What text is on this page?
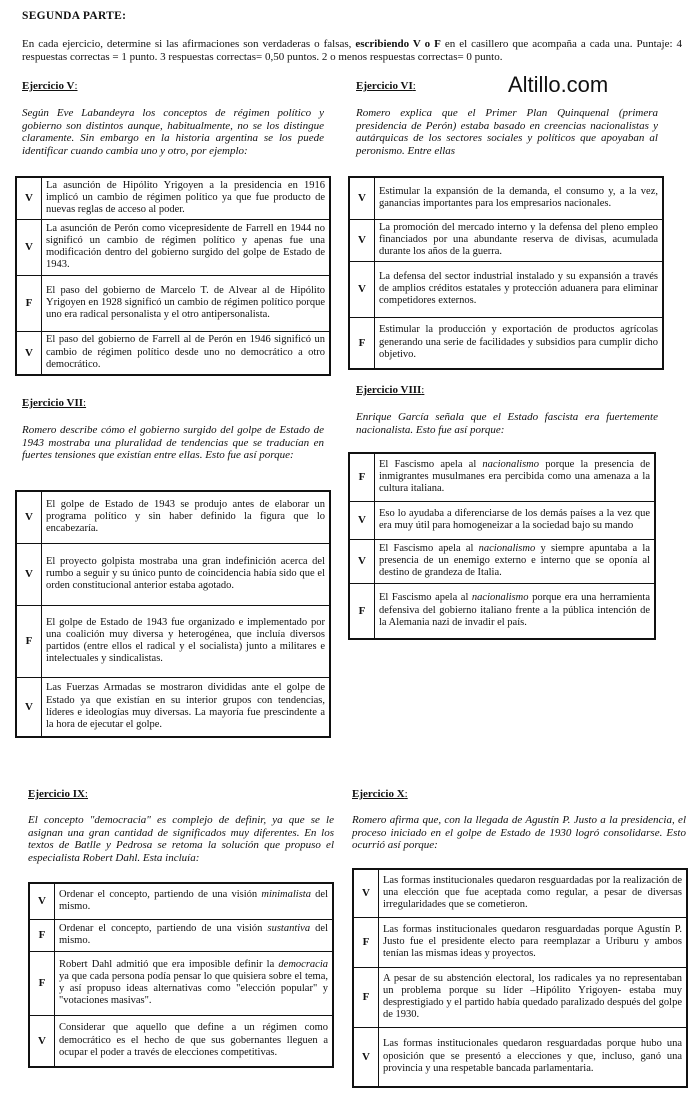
SEGUNDA PARTE:
En cada ejercicio, determine si las afirmaciones son verdaderas o falsas, escribiendo V o F en el casillero que acompaña a cada una. Puntaje: 4 respuestas correctas = 1 punto. 3 respuestas correctas= 0,50 puntos. 2 o menos respuestas correctas= 0 punto.
Altillo.com
Ejercicio V:
Según Eve Labandeyra los conceptos de régimen político y gobierno son distintos aunque, habitualmente, no se los distingue claramente. Sin embargo en la historia argentina se los puede identificar cuando cambia uno y otro, por ejemplo:
V	La asunción de Hipólito Yrigoyen a la presidencia en 1916 implicó un cambio de régimen político ya que fue producto de nuevas reglas de acceso al poder.
V	La asunción de Perón como vicepresidente de Farrell en 1944 no significó un cambio de régimen político y apenas fue una modificación dentro del gobierno surgido del golpe de Estado de 1943.
F	El paso del gobierno de Marcelo T. de Alvear al de Hipólito Yrigoyen en 1928 significó un cambio de régimen político porque uno era radical personalista y el otro antipersonalista.
V	El paso del gobierno de Farrell al de Perón en 1946 significó un cambio de régimen político desde uno no democrático a otro democrático.
Ejercicio VI:
Romero explica que el Primer Plan Quinquenal (primera presidencia de Perón) estaba basado en creencias nacionalistas y autárquicas de los sectores sociales y políticos que apoyaban al peronismo. Entre ellas
V	Estimular la expansión de la demanda, el consumo y, a la vez, ganancias importantes para los empresarios nacionales.
V	La promoción del mercado interno y la defensa del pleno empleo financiados por una abundante reserva de divisas, acumulada durante los años de la guerra.
V	La defensa del sector industrial instalado y su expansión a través de amplios créditos estatales y protección aduanera para eliminar competidores externos.
F	Estimular la producción y exportación de productos agrícolas generando una serie de facilidades y subsidios para cumplir dicho objetivo.
Ejercicio VII:
Romero describe cómo el gobierno surgido del golpe de Estado de 1943 mostraba una pluralidad de tendencias que se traducían en fuertes tensiones que existían entre ellas. Esto fue así porque:
V	El golpe de Estado de 1943 se produjo antes de elaborar un programa político y sin haber definido la figura que lo encabezaría.
V	El proyecto golpista mostraba una gran indefinición acerca del rumbo a seguir y su único punto de coincidencia había sido que el orden constitucional anterior estaba agotado.
F	El golpe de Estado de 1943 fue organizado e implementado por una coalición muy diversa y heterogénea, que incluía diversos partidos (entre ellos el radical y el socialista) junto a militares e intelectuales y sindicalistas.
V	Las Fuerzas Armadas se mostraron divididas ante el golpe de Estado ya que existían en su interior grupos con tendencias, líderes e ideologías muy diversas. La mayoría fue prescindente a la hora de ejecutar el golpe.
Ejercicio VIII:
Enrique García señala que el Estado fascista era fuertemente nacionalista. Esto fue así porque:
F	El Fascismo apela al nacionalismo porque la presencia de inmigrantes musulmanes era percibida como una amenaza a la cultura italiana.
V	Eso lo ayudaba a diferenciarse de los demás países a la vez que era muy útil para homogeneizar a la sociedad bajo su mando
V	El Fascismo apela al nacionalismo y siempre apuntaba a la presencia de un enemigo externo e interno que se oponía al destino de grandeza de Italia.
F	El Fascismo apela al nacionalismo porque era una herramienta defensiva del gobierno italiano frente a la pública intención de la Alemania nazi de invadir el país.
Ejercicio IX:
El concepto "democracia" es complejo de definir, ya que se le asignan una gran cantidad de significados muy diferentes. En los textos de Batlle y Pedrosa se retoma la solución que propuso el especialista Robert Dahl. Esta incluía:
V	Ordenar el concepto, partiendo de una visión minimalista del mismo.
F	Ordenar el concepto, partiendo de una visión sustantiva del mismo.
F	Robert Dahl admitió que era imposible definir la democracia ya que cada persona podía pensar lo que quisiera sobre el tema, y así propuso ideas alternativas como "elección popular" y "votaciones masivas".
V	Considerar que aquello que define a un régimen como democrático es el hecho de que sus gobernantes lleguen a ocupar el poder a través de elecciones competitivas.
Ejercicio X:
Romero afirma que, con la llegada de Agustín P. Justo a la presidencia, el proceso iniciado en el golpe de Estado de 1930 logró consolidarse. Esto ocurrió así porque:
V	Las formas institucionales quedaron resguardadas por la realización de una elección que fue aceptada como regular, a pesar de diversas irregularidades que se cometieron.
F	Las formas institucionales quedaron resguardadas porque Agustín P. Justo fue el presidente electo para reemplazar a Uriburu y ambos tenían las mismas ideas y proyectos.
F	A pesar de su abstención electoral, los radicales ya no representaban un problema porque su líder –Hipólito Yrigoyen- estaba muy desprestigiado y el partido había quedado paralizado después del golpe de 1930.
V	Las formas institucionales quedaron resguardadas porque hubo una oposición que se presentó a elecciones y que, incluso, ganó una provincia y una respetable bancada parlamentaria.
